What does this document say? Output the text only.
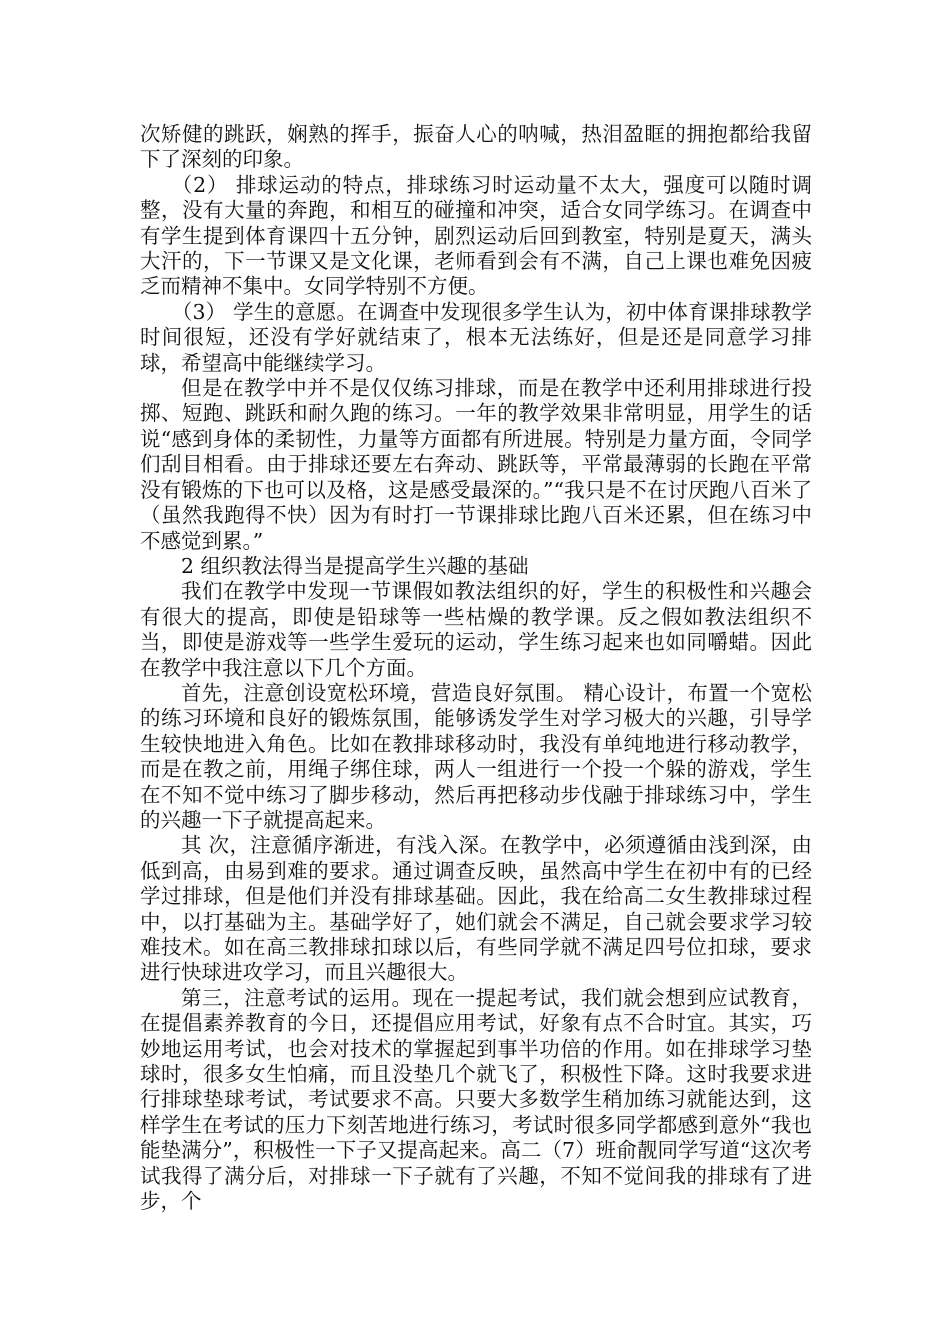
次矫健的跳跃，娴熟的挥手，振奋人心的呐喊，热泪盈眶的拥抱都给我留下了深刻的印象。

（2） 排球运动的特点，排球练习时运动量不太大，强度可以随时调整，没有大量的奔跑，和相互的碰撞和冲突，适合女同学练习。在调查中有学生提到体育课四十五分钟，剧烈运动后回到教室，特别是夏天，满头大汗的，下一节课又是文化课，老师看到会有不满，自己上课也难免因疲乏而精神不集中。女同学特别不方便。

（3） 学生的意愿。在调查中发现很多学生认为，初中体育课排球教学时间很短，还没有学好就结束了，根本无法练好，但是还是同意学习排球，希望高中能继续学习。

但是在教学中并不是仅仅练习排球，而是在教学中还利用排球进行投掷、短跑、跳跃和耐久跑的练习。一年的教学效果非常明显，用学生的话说“感到身体的柔韧性，力量等方面都有所进展。特别是力量方面，令同学们刮目相看。由于排球还要左右奔动、跳跃等，平常最薄弱的长跑在平常没有锻炼的下也可以及格，这是感受最深的。”“我只是不在讨厌跑八百米了（虽然我跑得不快）因为有时打一节课排球比跑八百米还累，但在练习中不感觉到累。”

2 组织教法得当是提高学生兴趣的基础

我们在教学中发现一节课假如教法组织的好，学生的积极性和兴趣会有很大的提高，即使是铅球等一些枯燥的教学课。反之假如教法组织不当，即使是游戏等一些学生爱玩的运动，学生练习起来也如同嚼蜡。因此在教学中我注意以下几个方面。

首先，注意创设宽松环境，营造良好氛围。 精心设计，布置一个宽松的练习环境和良好的锻炼氛围，能够诱发学生对学习极大的兴趣，引导学生较快地进入角色。比如在教排球移动时，我没有单纯地进行移动教学，而是在教之前，用绳子绑住球，两人一组进行一个投一个躲的游戏，学生在不知不觉中练习了脚步移动，然后再把移动步伐融于排球练习中，学生的兴趣一下子就提高起来。

其 次，注意循序渐进，有浅入深。在教学中，必须遵循由浅到深，由低到高，由易到难的要求。通过调查反映，虽然高中学生在初中有的已经学过排球，但是他们并没有排球基础。因此，我在给高二女生教排球过程中，以打基础为主。基础学好了，她们就会不满足，自己就会要求学习较难技术。如在高三教排球扣球以后，有些同学就不满足四号位扣球，要求进行快球进攻学习，而且兴趣很大。

第三，注意考试的运用。现在一提起考试，我们就会想到应试教育，在提倡素养教育的今日，还提倡应用考试，好象有点不合时宜。其实，巧妙地运用考试，也会对技术的掌握起到事半功倍的作用。如在排球学习垫球时，很多女生怕痛，而且没垫几个就飞了，积极性下降。这时我要求进行排球垫球考试，考试要求不高。只要大多数学生稍加练习就能达到，这样学生在考试的压力下刻苦地进行练习，考试时很多同学都感到意外“我也能垫满分”，积极性一下子又提高起来。高二（7）班俞靓同学写道“这次考试我得了满分后，对排球一下子就有了兴趣，不知不觉间我的排球有了进步，个
